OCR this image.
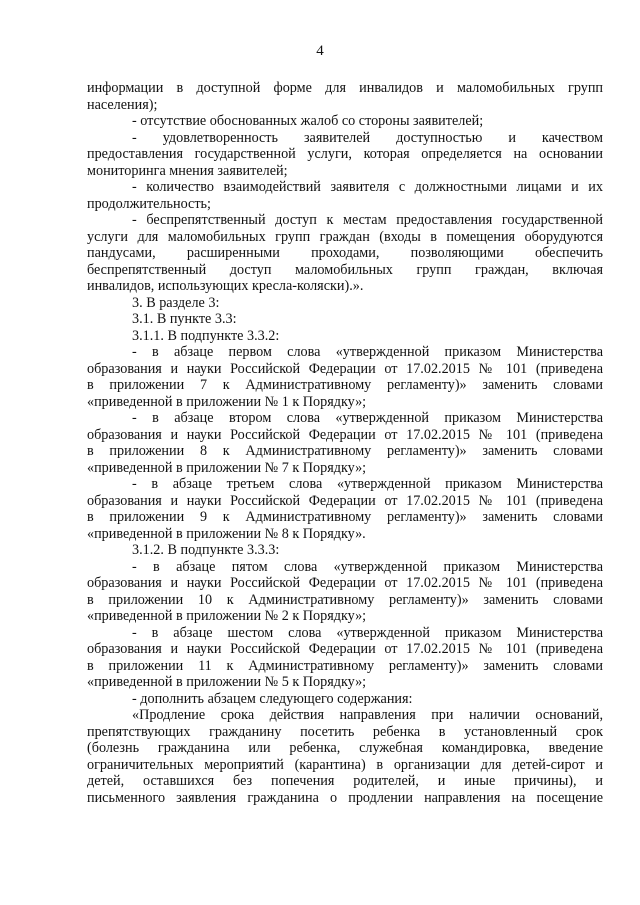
4
информации в доступной форме для инвалидов и маломобильных групп
населения);
- отсутствие обоснованных жалоб со стороны заявителей;
- удовлетворенность заявителей доступностью и качеством
предоставления государственной услуги, которая определяется на основании
мониторинга мнения заявителей;
- количество взаимодействий заявителя с должностными лицами и их
продолжительность;
- беспрепятственный доступ к местам предоставления государственной
услуги для маломобильных групп граждан (входы в помещения оборудуются
пандусами, расширенными проходами, позволяющими обеспечить
беспрепятственный доступ маломобильных групп граждан, включая
инвалидов, использующих кресла-коляски).».
3. В разделе 3:
3.1. В пункте 3.3:
3.1.1. В подпункте 3.3.2:
- в абзаце первом слова «утвержденной приказом Министерства
образования и науки Российской Федерации от 17.02.2015 № 101 (приведена
в приложении 7 к Административному регламенту)» заменить словами
«приведенной в приложении № 1 к Порядку»;
- в абзаце втором слова «утвержденной приказом Министерства
образования и науки Российской Федерации от 17.02.2015 № 101 (приведена
в приложении 8 к Административному регламенту)» заменить словами
«приведенной в приложении № 7 к Порядку»;
- в абзаце третьем слова «утвержденной приказом Министерства
образования и науки Российской Федерации от 17.02.2015 № 101 (приведена
в приложении 9 к Административному регламенту)» заменить словами
«приведенной в приложении № 8 к Порядку».
3.1.2. В подпункте 3.3.3:
- в абзаце пятом слова «утвержденной приказом Министерства
образования и науки Российской Федерации от 17.02.2015 № 101 (приведена
в приложении 10 к Административному регламенту)» заменить словами
«приведенной в приложении № 2 к Порядку»;
- в абзаце шестом слова «утвержденной приказом Министерства
образования и науки Российской Федерации от 17.02.2015 № 101 (приведена
в приложении 11 к Административному регламенту)» заменить словами
«приведенной в приложении № 5 к Порядку»;
- дополнить абзацем следующего содержания:
«Продление срока действия направления при наличии оснований,
препятствующих гражданину посетить ребенка в установленный срок
(болезнь гражданина или ребенка, служебная командировка, введение
ограничительных мероприятий (карантина) в организации для детей-сирот и
детей, оставшихся без попечения родителей, и иные причины), и
письменного заявления гражданина о продлении направления на посещение
